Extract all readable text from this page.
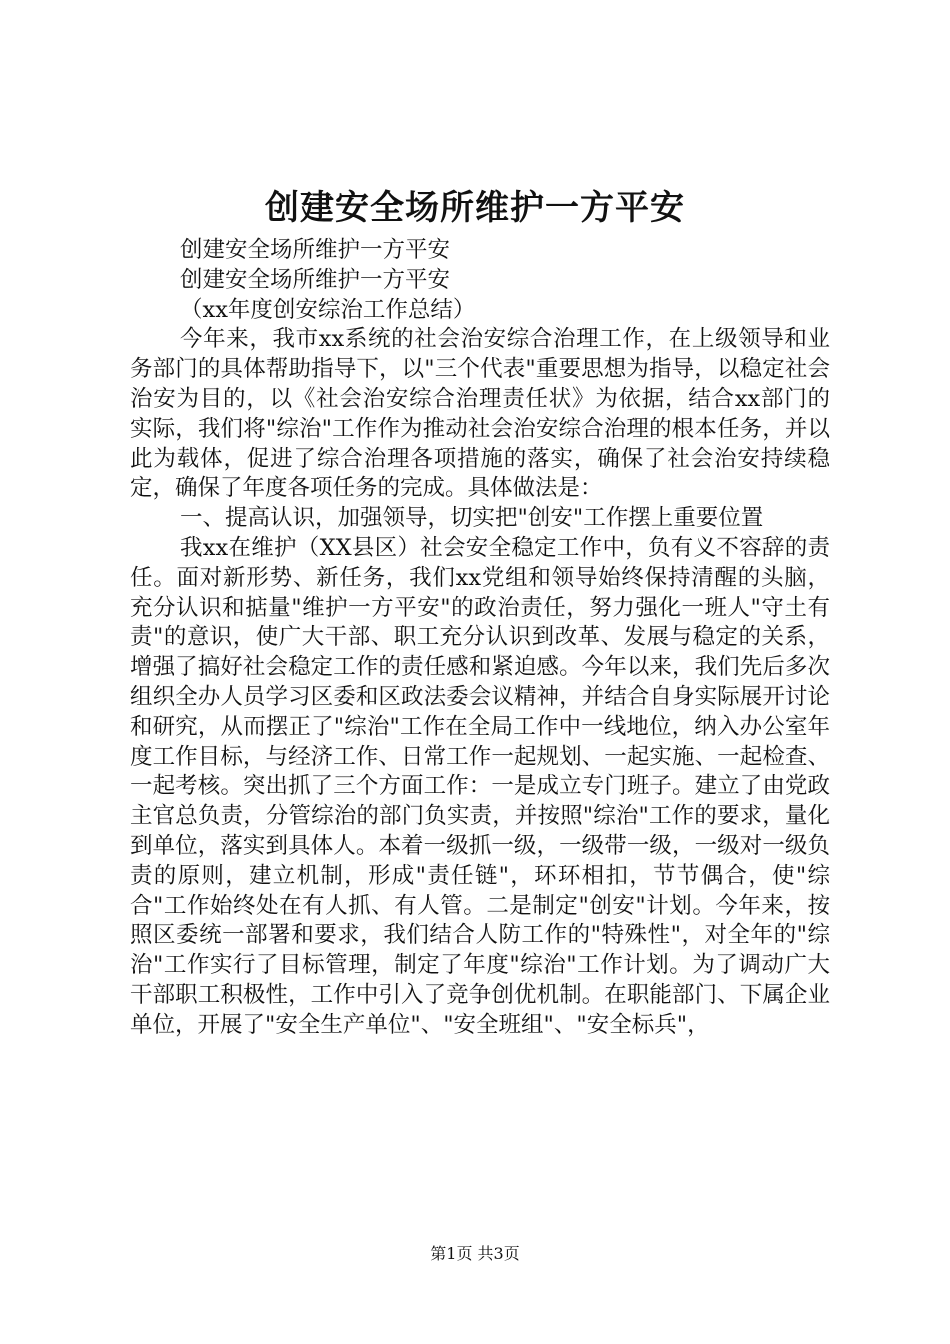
创建安全场所维护一方平安

创建安全场所维护一方平安

创建安全场所维护一方平安

（xx年度创安综治工作总结）

今年来，我市xx系统的社会治安综合治理工作，在上级领导和业务部门的具体帮助指导下，以"三个代表"重要思想为指导，以稳定社会治安为目的，以《社会治安综合治理责任状》为依据，结合xx部门的实际，我们将"综治"工作作为推动社会治安综合治理的根本任务，并以此为载体，促进了综合治理各项措施的落实，确保了社会治安持续稳定，确保了年度各项任务的完成。具体做法是：

一、提高认识，加强领导，切实把"创安"工作摆上重要位置

我xx在维护（XX县区）社会安全稳定工作中，负有义不容辞的责任。面对新形势、新任务，我们xx党组和领导始终保持清醒的头脑，充分认识和掂量"维护一方平安"的政治责任，努力强化一班人"守土有责"的意识，使广大干部、职工充分认识到改革、发展与稳定的关系，增强了搞好社会稳定工作的责任感和紧迫感。今年以来，我们先后多次组织全办人员学习区委和区政法委会议精神，并结合自身实际展开讨论和研究，从而摆正了"综治"工作在全局工作中一线地位，纳入办公室年度工作目标，与经济工作、日常工作一起规划、一起实施、一起检查、一起考核。突出抓了三个方面工作：一是成立专门班子。建立了由党政主官总负责，分管综治的部门负实责，并按照"综治"工作的要求，量化到单位，落实到具体人。本着一级抓一级，一级带一级，一级对一级负责的原则，建立机制，形成"责任链"，环环相扣，节节偶合，使"综合"工作始终处在有人抓、有人管。二是制定"创安"计划。今年来，按照区委统一部署和要求，我们结合人防工作的"特殊性"，对全年的"综治"工作实行了目标管理，制定了年度"综治"工作计划。为了调动广大干部职工积极性，工作中引入了竞争创优机制。在职能部门、下属企业单位，开展了"安全生产单位"、"安全班组"、"安全标兵"，

第1页 共3页
